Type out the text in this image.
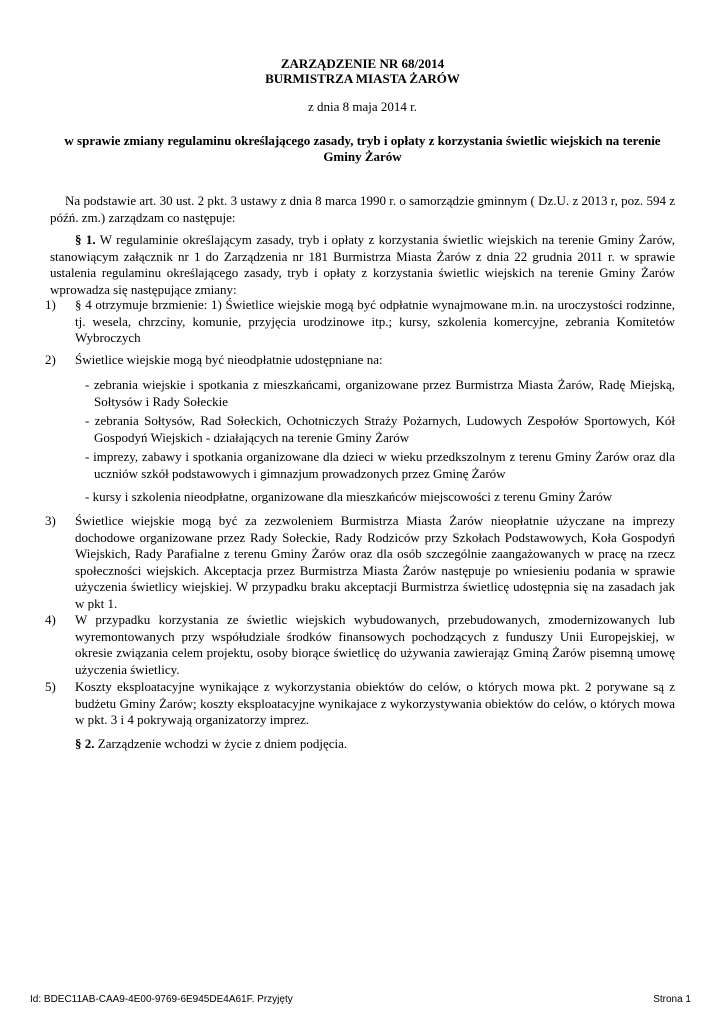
ZARZĄDZENIE NR 68/2014
BURMISTRZA MIASTA ŻARÓW
z dnia 8 maja 2014 r.
w sprawie zmiany regulaminu określającego zasady, tryb i opłaty z korzystania świetlic wiejskich na terenie Gminy Żarów
Na podstawie art. 30 ust. 2 pkt. 3 ustawy z dnia 8 marca 1990 r. o samorządzie gminnym ( Dz.U. z 2013 r, poz. 594 z późń. zm.) zarządzam co następuje:
§ 1. W regulaminie określającym zasady, tryb i opłaty z korzystania świetlic wiejskich na terenie Gminy Żarów, stanowiącym załącznik nr 1 do Zarządzenia nr 181 Burmistrza Miasta Żarów z dnia 22 grudnia 2011 r. w sprawie ustalenia regulaminu określającego zasady, tryb i opłaty z korzystania świetlic wiejskich na terenie Gminy Żarów wprowadza się następujące zmiany:
1) § 4 otrzymuje brzmienie: 1) Świetlice wiejskie mogą być odpłatnie wynajmowane m.in. na uroczystości rodzinne, tj. wesela, chrzciny, komunie, przyjęcia urodzinowe itp.; kursy, szkolenia komercyjne, zebrania Komitetów Wybroczych
2) Świetlice wiejskie mogą być nieodpłatnie udostępniane na:
- zebrania wiejskie i spotkania z mieszkańcami, organizowane przez Burmistrza Miasta Żarów, Radę Miejską, Sołtysów i Rady Sołeckie
- zebrania Sołtysów, Rad Sołeckich, Ochotniczych Straży Pożarnych, Ludowych Zespołów Sportowych, Kół Gospodyń Wiejskich - działających na terenie Gminy Żarów
- imprezy, zabawy i spotkania organizowane dla dzieci w wieku przedkszolnym z terenu Gminy Żarów oraz dla uczniów szkół podstawowych i gimnazjum prowadzonych przez Gminę Żarów
- kursy i szkolenia nieodpłatne, organizowane dla mieszkańców miejscowości z terenu Gminy Żarów
3) Świetlice wiejskie mogą być za zezwoleniem Burmistrza Miasta Żarów nieopłatnie użyczane na imprezy dochodowe organizowane przez Rady Sołeckie, Rady Rodziców przy Szkołach Podstawowych, Koła Gospodyń Wiejskich, Rady Parafialne z terenu Gminy Żarów oraz dla osób szczególnie zaangażowanych w pracę na rzecz społeczności wiejskich. Akceptacja przez Burmistrza Miasta Żarów następuje po wniesieniu podania w sprawie użyczenia świetlicy wiejskiej. W przypadku braku akceptacji Burmistrza świetlicę udostępnia się na zasadach jak w pkt 1.
4) W przypadku korzystania ze świetlic wiejskich wybudowanych, przebudowanych, zmodernizowanych lub wyremontowanych przy współudziale środków finansowych pochodzących z funduszy Unii Europejskiej, w okresie związania celem projektu, osoby biorące świetlicę do używania zawierająz Gminą Żarów pisemną umowę użyczenia świetlicy.
5) Koszty eksploatacyjne wynikające z wykorzystania obiektów do celów, o których mowa pkt. 2 porywane są z budżetu Gminy Żarów; koszty eksploatacyjne wynikajace z wykorzystywania obiektów do celów, o których mowa w pkt. 3 i 4 pokrywają organizatorzy imprez.
§ 2. Zarządzenie wchodzi w życie z dniem podjęcia.
Id: BDEC11AB-CAA9-4E00-9769-6E945DE4A61F. Przyjęty	Strona 1
